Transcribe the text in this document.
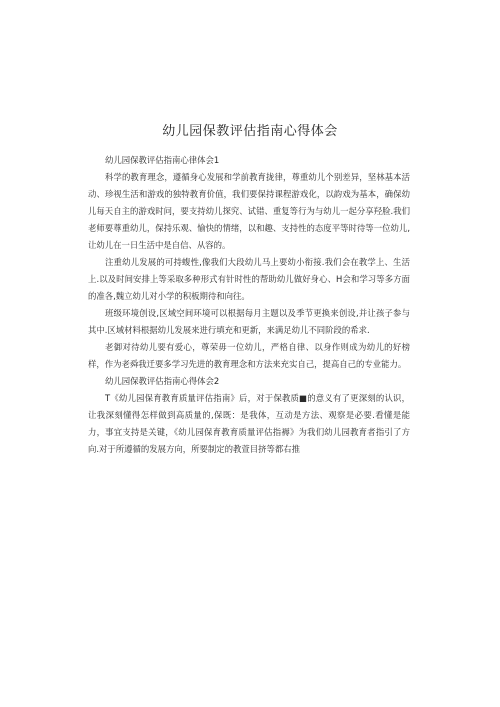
幼儿园保教评估指南心得体会

幼儿园保教评估指南心律体会1

科学的教育理念，遵循身心发展和学前教育拢律，尊重幼儿个别差异，坚林基本活动、珍视生活和游戏的独特教育价值，我们要保持课程游戏化，以韵戏为基本，确保幼儿每天自主的游戏时问，要支持幼儿探究、试错、重复等行为与幼儿一起分享羟脸.我们老师要尊重幼儿，保持乐观、愉快的情绪，以和趣、支持性的态度平等时待等一位幼儿,让幼儿在一日生活中是自信、从容的。

注重幼儿发展的可持蝮性,像我们大段幼儿马上要幼小衔接.我们会在教学上、生活上.以及时间安排上等采取多种形式有针时性的帮助幼儿做好身心、H会和学习等多方面的准各,魏立幼儿对小学的积板期待和向往。

班级环境创设,区域空间环境可以根据每月主题以及季节更换来创设,并让孩子参与其中.区域材料根据幼儿发展来进行填充和更新，来满足幼儿不同阶段的希求.

老御对待幼儿要有爱心，尊荣毋一位幼儿，严格自律、以身作则成为幼儿的好榜样，作为老舜我迁要多学习先进的教育理念和方法来充实自己，提高自己的专业能力。

幼儿园保教评估指南心得体会2

T《幼儿园保育教育质量评估指南》后，对于保教质■的意义有了更深刻的认识，让我深刻懂得怎样做到高质量的,保既：是我体，互动是方法、观察是必要.看懂是能力，事宜支持是关键，《幼儿园保育教育质量评估指褥》为我们幼儿园教育者指引了方向.对于所遵循的发展方向，所要制定的教萱目挤等都右推
